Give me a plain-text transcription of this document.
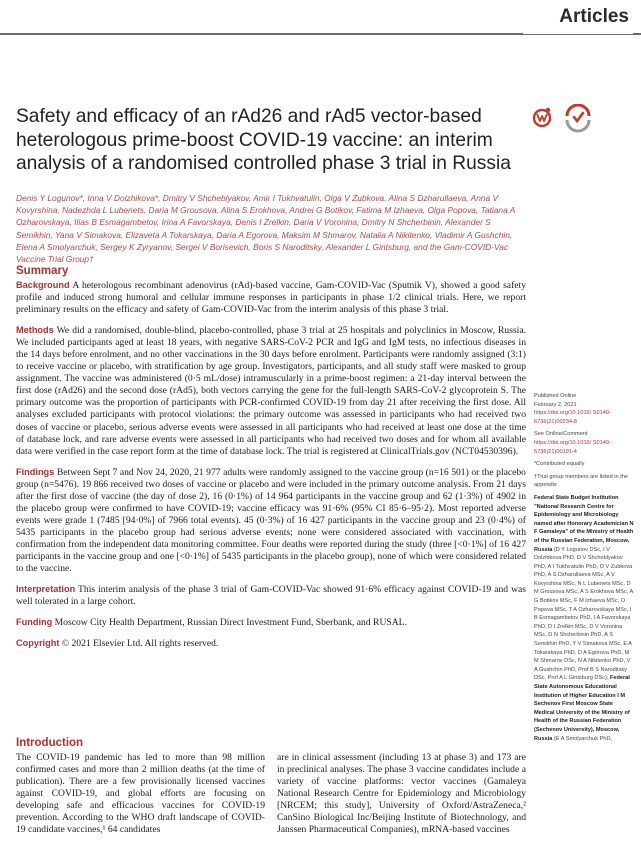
Articles
Safety and efficacy of an rAd26 and rAd5 vector-based heterologous prime-boost COVID-19 vaccine: an interim analysis of a randomised controlled phase 3 trial in Russia

Denis Y Logunov*, Inna V Dolzhikova*, Dmitry V Shcheblyakov, Amir I Tukhvatulin, Olga V Zubkova, Alina S Dzharullaeva, Anna V Kovyrshina, Nadezhda L Lubenets, Daria M Grousova, Alina S Erokhova, Andrei G Botikov, Fatima M Izhaeva, Olga Popova, Tatiana A Ozharovskaya, Ilias B Esmagambetov, Irina A Favorskaya, Denis I Zrelkin, Daria V Voronina, Dmitry N Shcherbinin, Alexander S Semikhin, Yana V Simakova, Elizaveta A Tokarskaya, Daria A Egorova, Maksim M Shmarov, Natalia A Nikitenko, Vladimir A Gushchin, Elena A Smolyarchuk, Sergey K Zyryanov, Sergei V Borisevich, Boris S Naroditsky, Alexander L Gintsburg, and the Gam-COVID-Vac Vaccine Trial Group†

Summary

Background A heterologous recombinant adenovirus (rAd)-based vaccine, Gam-COVID-Vac (Sputnik V), showed a good safety profile and induced strong humoral and cellular immune responses in participants in phase 1/2 clinical trials. Here, we report preliminary results on the efficacy and safety of Gam-COVID-Vac from the interim analysis of this phase 3 trial.

Methods We did a randomised, double-blind, placebo-controlled, phase 3 trial at 25 hospitals and polyclinics in Moscow, Russia. We included participants aged at least 18 years, with negative SARS-CoV-2 PCR and IgG and IgM tests, no infectious diseases in the 14 days before enrolment, and no other vaccinations in the 30 days before enrolment. Participants were randomly assigned (3:1) to receive vaccine or placebo, with stratification by age group. Investigators, participants, and all study staff were masked to group assignment. The vaccine was administered (0·5 mL/dose) intramuscularly in a prime-boost regimen: a 21-day interval between the first dose (rAd26) and the second dose (rAd5), both vectors carrying the gene for the full-length SARS-CoV-2 glycoprotein S. The primary outcome was the proportion of participants with PCR-confirmed COVID-19 from day 21 after receiving the first dose. All analyses excluded participants with protocol violations: the primary outcome was assessed in participants who had received two doses of vaccine or placebo, serious adverse events were assessed in all participants who had received at least one dose at the time of database lock, and rare adverse events were assessed in all participants who had received two doses and for whom all available data were verified in the case report form at the time of database lock. The trial is registered at ClinicalTrials.gov (NCT04530396).

Findings Between Sept 7 and Nov 24, 2020, 21 977 adults were randomly assigned to the vaccine group (n=16 501) or the placebo group (n=5476). 19 866 received two doses of vaccine or placebo and were included in the primary outcome analysis. From 21 days after the first dose of vaccine (the day of dose 2), 16 (0·1%) of 14 964 participants in the vaccine group and 62 (1·3%) of 4902 in the placebo group were confirmed to have COVID-19; vaccine efficacy was 91·6% (95% CI 85·6–95·2). Most reported adverse events were grade 1 (7485 [94·0%] of 7966 total events). 45 (0·3%) of 16 427 participants in the vaccine group and 23 (0·4%) of 5435 participants in the placebo group had serious adverse events; none were considered associated with vaccination, with confirmation from the independent data monitoring committee. Four deaths were reported during the study (three [<0·1%] of 16 427 participants in the vaccine group and one [<0·1%] of 5435 participants in the placebo group), none of which were considered related to the vaccine.

Interpretation This interim analysis of the phase 3 trial of Gam-COVID-Vac showed 91·6% efficacy against COVID-19 and was well tolerated in a large cohort.

Funding Moscow City Health Department, Russian Direct Investment Fund, Sberbank, and RUSAL.

Copyright © 2021 Elsevier Ltd. All rights reserved.

Introduction

The COVID-19 pandemic has led to more than 98 million confirmed cases and more than 2 million deaths (at the time of publication). There are a few provisionally licensed vaccines against COVID-19, and global efforts are focusing on developing safe and efficacious vaccines for COVID-19 prevention. According to the WHO draft landscape of COVID-19 candidate vaccines,¹ 64 candidates

are in clinical assessment (including 13 at phase 3) and 173 are in preclinical analyses. The phase 3 vaccine candidates include a variety of vaccine platforms: vector vaccines (Gamaleya National Research Centre for Epidemiology and Microbiology [NRCEM; this study], University of Oxford/AstraZeneca,² CanSino Biological Inc/Beijing Institute of Biotechnology, and Janssen Pharmaceutical Companies), mRNA-based vaccines

Published Online
February 2, 2021
https://doi.org/10.1016/ S0140-6736(21)00234-8

See Online/Comment
https://doi.org/10.1016/ S0140-6736(21)00191-4

*Contributed equally

†Trial group members are listed in the appendix

Federal State Budget Institution "National Research Centre for Epidemiology and Microbiology named after Honorary Academician N F Gamaleya" of the Ministry of Health of the Russian Federation, Moscow, Russia (D Y Logunov DSc, I V Dolzhikova PhD, D V Shcheblyakov PhD, A I Tukhvatulin PhD, O V Zubkova PhD, A S Dzharullaeva MSc, A V Kovyrshina MSc, N L Lubenets MSc, D M Grousova MSc, A S Erokhova MSc, A G Botikov MSc, F M Izhaeva MSc, O Popova MSc, T A Ozharovskaya MSc, I B Esmagambetov PhD, I A Favorskaya PhD, D I Zrelkin MSc, D V Voronina MSc, D N Shcherbinin PhD, A S Semikhin PhD, Y V Simakova MSc, E A Tokarskaya PhD, D A Egorova PhD, M M Shmarov DSc, N A Nikitenko PhD, V A Gushchin PhD, Prof B S Naroditsky DSc, Prof A L Gintsburg DSc); Federal State Autonomous Educational Institution of Higher Education I M Sechenov First Moscow State Medical University of the Ministry of Health of the Russian Federation (Sechenov University), Moscow, Russia (E A Smolyarchuk PhD,
